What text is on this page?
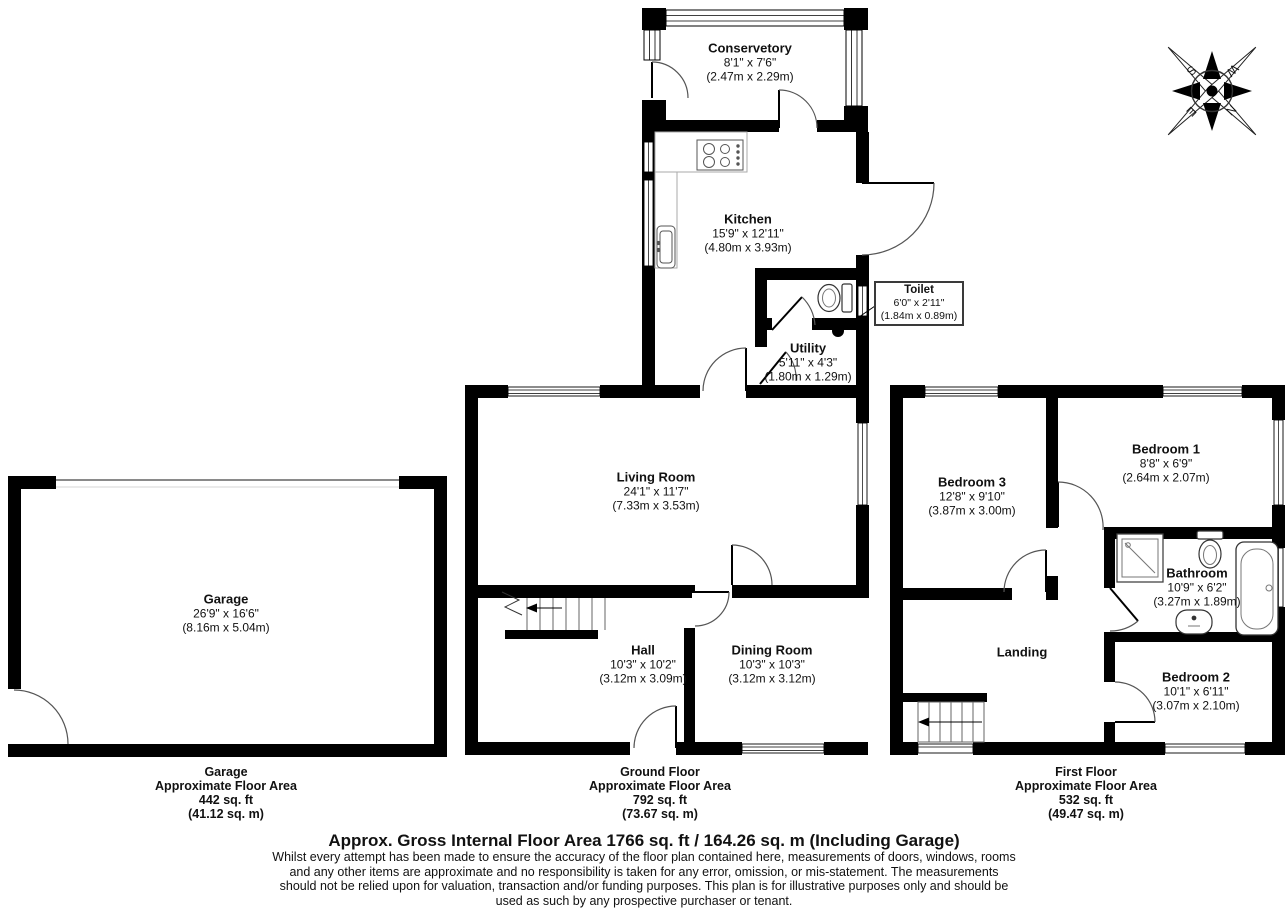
N
S
E
W
Conservetory
8'1" x 7'6"
(2.47m x 2.29m)
Kitchen
15'9" x 12'11"
(4.80m x 3.93m)
Toilet
6'0" x 2'11"
(1.84m x 0.89m)
Utility
5'11" x 4'3"
(1.80m x 1.29m)
Living Room
24'1" x 11'7"
(7.33m x 3.53m)
Hall
10'3" x 10'2"
(3.12m x 3.09m)
Dining Room
10'3" x 10'3"
(3.12m x 3.12m)
Garage
26'9" x 16'6"
(8.16m x 5.04m)
Bedroom 3
12'8" x 9'10"
(3.87m x 3.00m)
Bedroom 1
8'8" x 6'9"
(2.64m x 2.07m)
Bathroom
10'9" x 6'2"
(3.27m x 1.89m)
Landing
Bedroom 2
10'1" x 6'11"
(3.07m x 2.10m)
Garage
Approximate Floor Area
442 sq. ft
(41.12 sq. m)
Ground Floor
Approximate Floor Area
792 sq. ft
(73.67 sq. m)
First Floor
Approximate Floor Area
532 sq. ft
(49.47 sq. m)
Approx. Gross Internal Floor Area 1766 sq. ft / 164.26 sq. m (Including Garage)
Whilst every attempt has been made to ensure the accuracy of the floor plan contained here, measurements of doors, windows, rooms and any other items are approximate and no responsibility is taken for any error, omission, or mis-statement. The measurements should not be relied upon for valuation, transaction and/or funding purposes. This plan is for illustrative purposes only and should be used as such by any prospective purchaser or tenant.
